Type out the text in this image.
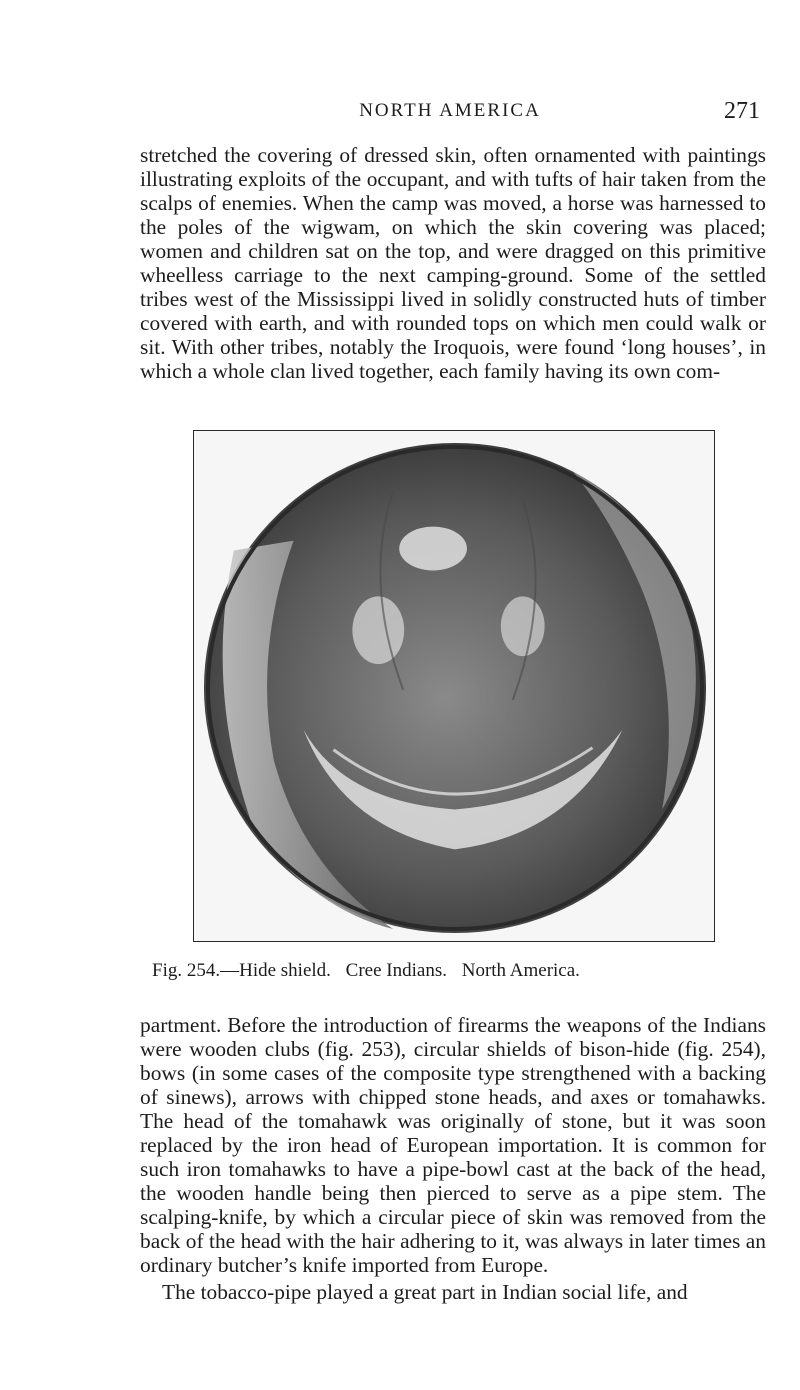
NORTH AMERICA	271

stretched the covering of dressed skin, often ornamented with paintings illustrating exploits of the occupant, and with tufts of hair taken from the scalps of enemies. When the camp was moved, a horse was harnessed to the poles of the wigwam, on which the skin covering was placed; women and children sat on the top, and were dragged on this primitive wheelless carriage to the next camping-ground. Some of the settled tribes west of the Mississippi lived in solidly constructed huts of timber covered with earth, and with rounded tops on which men could walk or sit. With other tribes, notably the Iroquois, were found ‘long houses’, in which a whole clan lived together, each family having its own com-

Fig. 254.—Hide shield. Cree Indians. North America.

partment. Before the introduction of firearms the weapons of the Indians were wooden clubs (fig. 253), circular shields of bison-hide (fig. 254), bows (in some cases of the composite type strengthened with a backing of sinews), arrows with chipped stone heads, and axes or tomahawks. The head of the tomahawk was originally of stone, but it was soon replaced by the iron head of European importation. It is common for such iron tomahawks to have a pipe-bowl cast at the back of the head, the wooden handle being then pierced to serve as a pipe stem. The scalping-knife, by which a circular piece of skin was removed from the back of the head with the hair adhering to it, was always in later times an ordinary butcher’s knife imported from Europe.

The tobacco-pipe played a great part in Indian social life, and
